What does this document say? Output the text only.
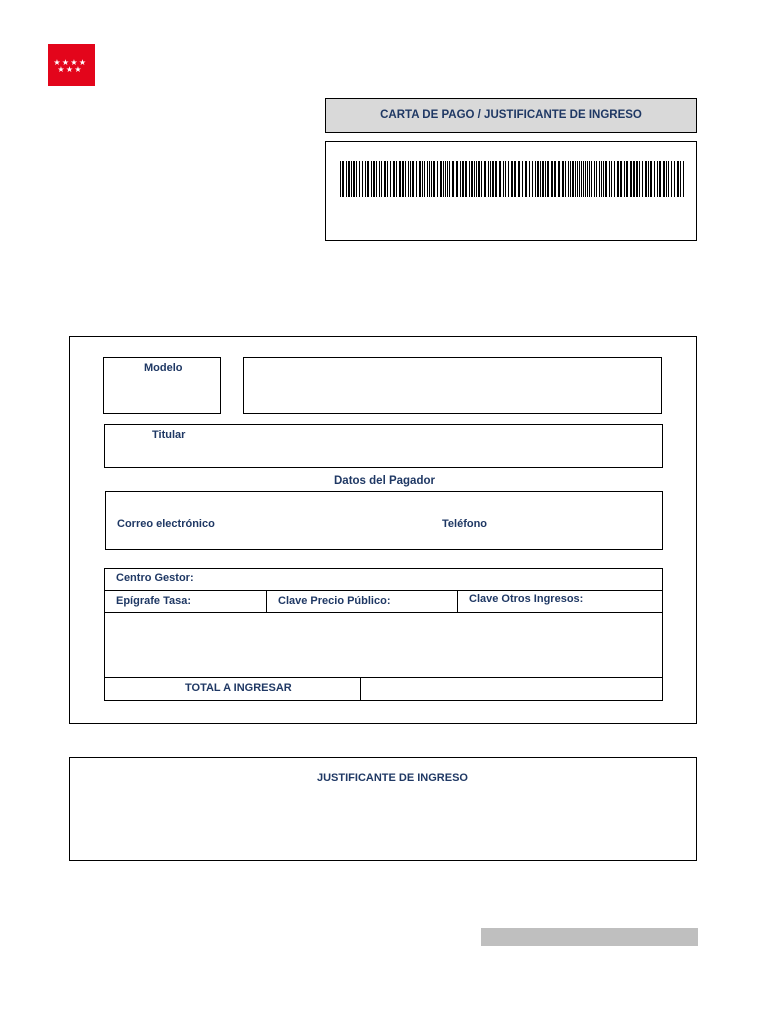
★ ★ ★ ★
★ ★ ★
CARTA DE PAGO / JUSTIFICANTE DE INGRESO
Modelo
Titular
Datos del Pagador
Correo electrónico	Teléfono
Centro Gestor:
Epígrafe Tasa:	Clave Precio Público:	Clave Otros Ingresos:
TOTAL A INGRESAR
JUSTIFICANTE DE INGRESO
